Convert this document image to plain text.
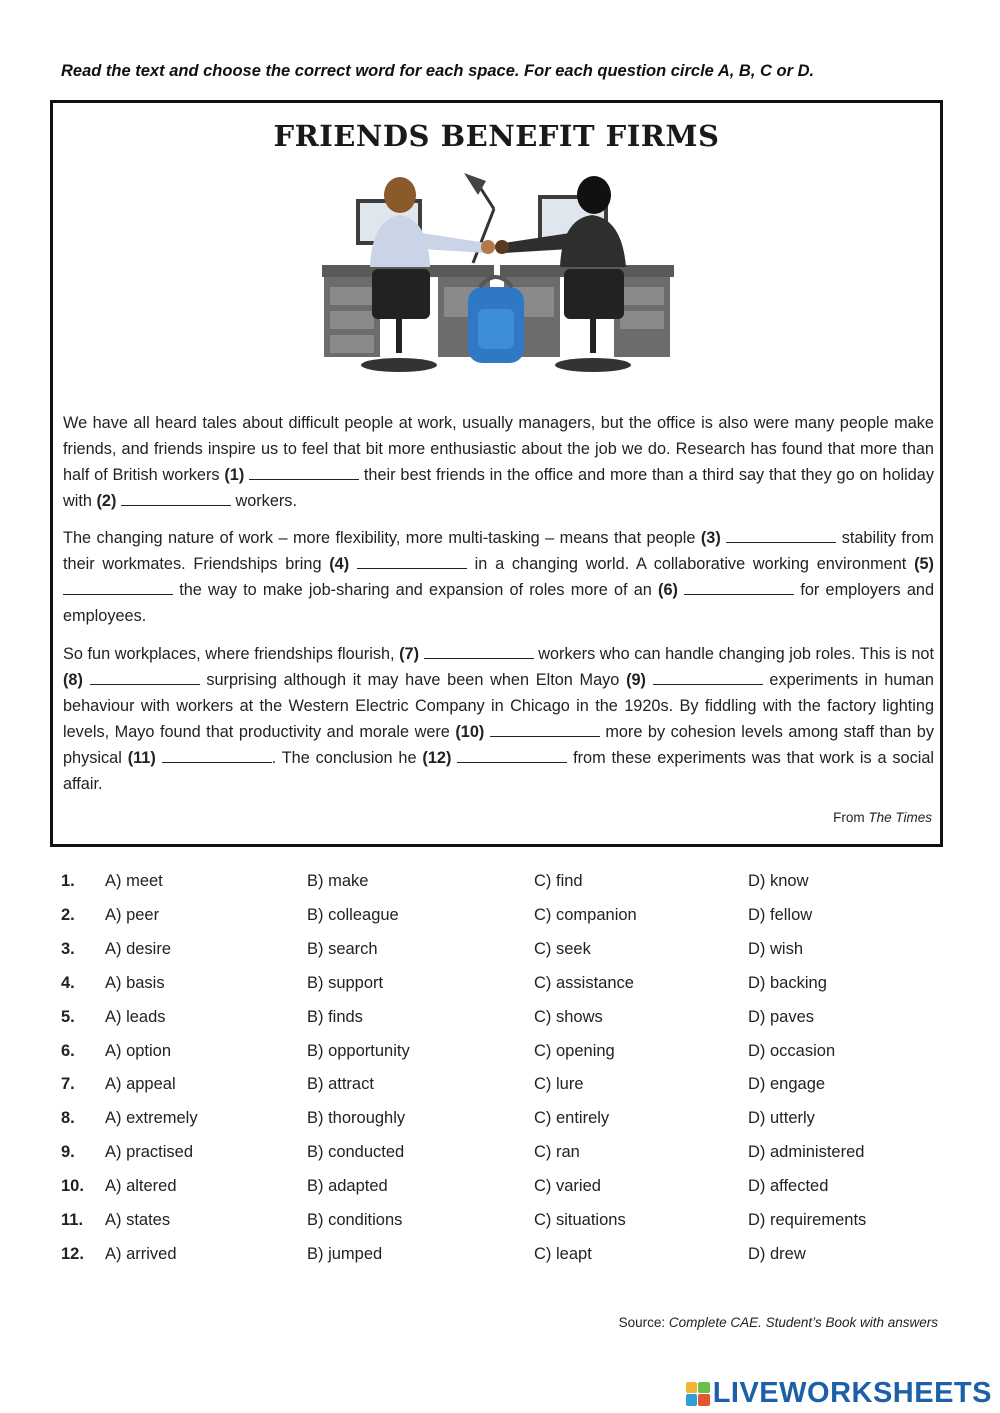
Read the text and choose the correct word for each space. For each question circle A, B, C or D.
FRIENDS BENEFIT FIRMS
We have all heard tales about difficult people at work, usually managers, but the office is also were many people make friends, and friends inspire us to feel that bit more enthusiastic about the job we do. Research has found that more than half of British workers (1)	their best friends in the office and more than a third say that they go on holiday with (2)	workers.
The changing nature of work – more flexibility, more multi-tasking – means that people (3)	stability from their workmates. Friendships bring (4)	in a changing world. A collaborative working environment (5)  the way to make job-sharing and expansion of roles more of an (6)	for employers and employees.
So fun workplaces, where friendships flourish, (7)	workers who can handle changing job roles. This is not (8)	surprising although it may have been when Elton Mayo (9)	experiments in human behaviour with workers at the Western Electric Company in Chicago in the 1920s. By fiddling with the factory lighting levels, Mayo found that productivity and morale were (10)	more by cohesion levels among staff than by physical (11)	. The conclusion he (12)	from these experiments was that work is a social affair.
From The Times
1. A) meet	B) make	C) find	D) know
2. A) peer	B) colleague	C) companion	D) fellow
3. A) desire	B) search	C) seek	D) wish
4. A) basis	B) support	C) assistance	D) backing
5. A) leads	B) finds	C) shows	D) paves
6. A) option	B) opportunity	C) opening	D) occasion
7. A) appeal	B) attract	C) lure	D) engage
8. A) extremely	B) thoroughly	C) entirely	D) utterly
9. A) practised	B) conducted	C) ran	D) administered
10. A) altered	B) adapted	C) varied	D) affected
11. A) states	B) conditions	C) situations	D) requirements
12. A) arrived	B) jumped	C) leapt	D) drew
Source: Complete CAE. Student’s Book with answers
LIVEWORKSHEETS
